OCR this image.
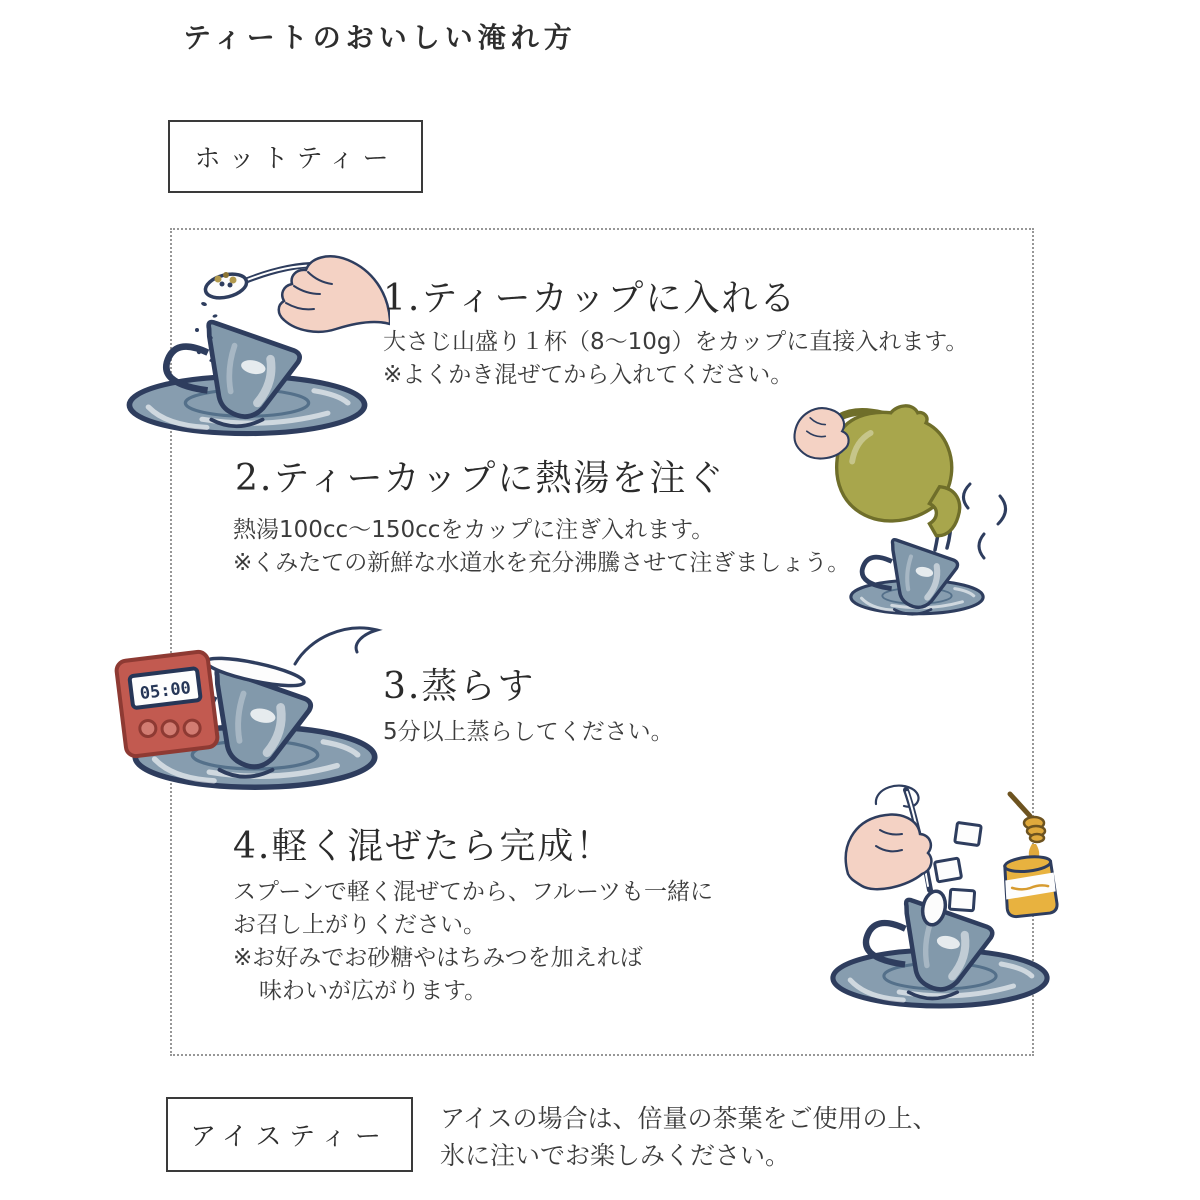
ティートのおいしい淹れ方
ホットティー
1.ティーカップに入れる
大さじ山盛り１杯（8〜10g）をカップに直接入れます。
※よくかき混ぜてから入れてください。
2.ティーカップに熱湯を注ぐ
熱湯100cc〜150ccをカップに注ぎ入れます。
※くみたての新鮮な水道水を充分沸騰させて注ぎましょう。
05:00	3.蒸らす
5分以上蒸らしてください。
4.軽く混ぜたら完成！
スプーンで軽く混ぜてから、フルーツも一緒に
お召し上がりください。
※お好みでお砂糖やはちみつを加えれば
味わいが広がります。
アイスティー
アイスの場合は、倍量の茶葉をご使用の上、
氷に注いでお楽しみください。
